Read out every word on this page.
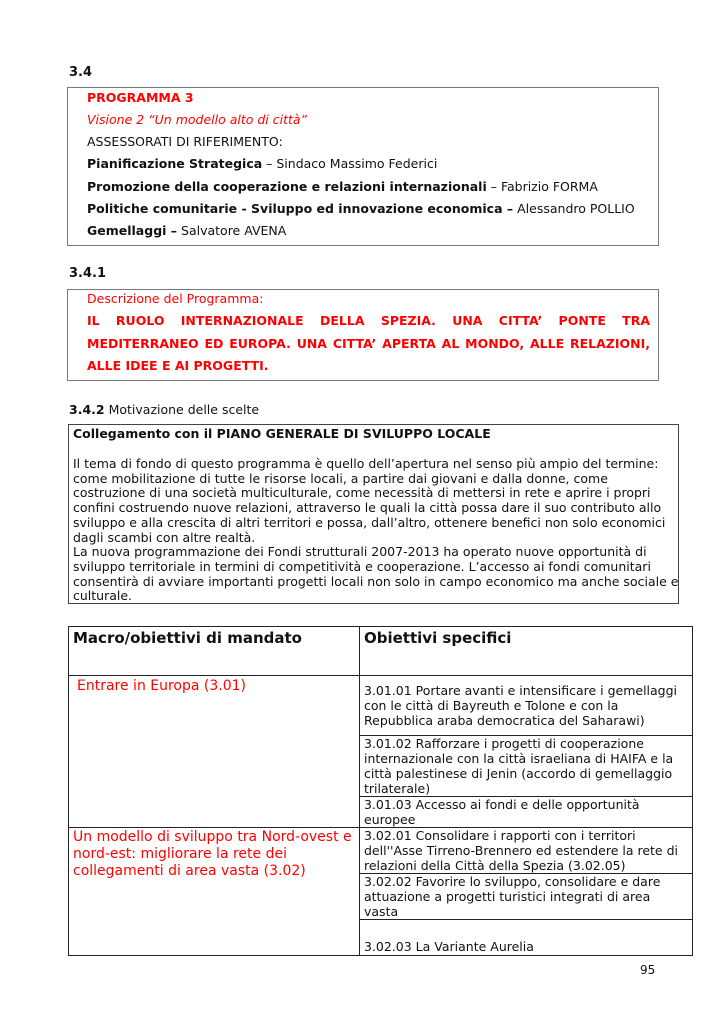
3.4
PROGRAMMA 3
Visione 2 “Un modello alto di città”
ASSESSORATI DI RIFERIMENTO:
Pianificazione Strategica – Sindaco Massimo Federici
Promozione della cooperazione e relazioni internazionali – Fabrizio FORMA
Politiche comunitarie - Sviluppo ed innovazione economica – Alessandro POLLIO
Gemellaggi – Salvatore AVENA
3.4.1
Descrizione del Programma:
IL RUOLO INTERNAZIONALE DELLA SPEZIA. UNA CITTA’ PONTE TRA
MEDITERRANEO ED EUROPA. UNA CITTA’ APERTA AL MONDO, ALLE RELAZIONI,
ALLE IDEE E AI PROGETTI.
3.4.2 Motivazione delle scelte
Collegamento con il PIANO GENERALE DI SVILUPPO LOCALE
Il tema di fondo di questo programma è quello dell’apertura nel senso più ampio del termine:
come mobilitazione di tutte le risorse locali, a partire dai giovani e dalla donne, come
costruzione di una società multiculturale, come necessità di mettersi in rete e aprire i propri
confini costruendo nuove relazioni, attraverso le quali la città possa dare il suo contributo allo
sviluppo e alla crescita di altri territori e possa, dall’altro, ottenere benefici non solo economici
dagli scambi con altre realtà.
La nuova programmazione dei Fondi strutturali 2007-2013 ha operato nuove opportunità di
sviluppo territoriale in termini di competitività e cooperazione. L’accesso ai fondi comunitari
consentirà di avviare importanti progetti locali non solo in campo economico ma anche sociale e
culturale.
Macro/obiettivi di mandato	Obiettivi specifici
Entrare in Europa (3.01)	3.01.01 Portare avanti e intensificare i gemellaggi con le città di Bayreuth e Tolone e con la Repubblica araba democratica del Saharawi)
	3.01.02 Rafforzare i progetti di cooperazione internazionale con la città israeliana di HAIFA e la città palestinese di Jenin (accordo di gemellaggio trilaterale)
	3.01.03 Accesso ai fondi e delle opportunità europee
Un modello di sviluppo tra Nord-ovest e nord-est: migliorare la rete dei collegamenti di area vasta (3.02)	3.02.01 Consolidare i rapporti con i territori dell''Asse Tirreno-Brennero ed estendere la rete di relazioni della Città della Spezia (3.02.05)
	3.02.02 Favorire lo sviluppo, consolidare e dare attuazione a progetti turistici integrati di area vasta
	3.02.03 La Variante Aurelia
95
